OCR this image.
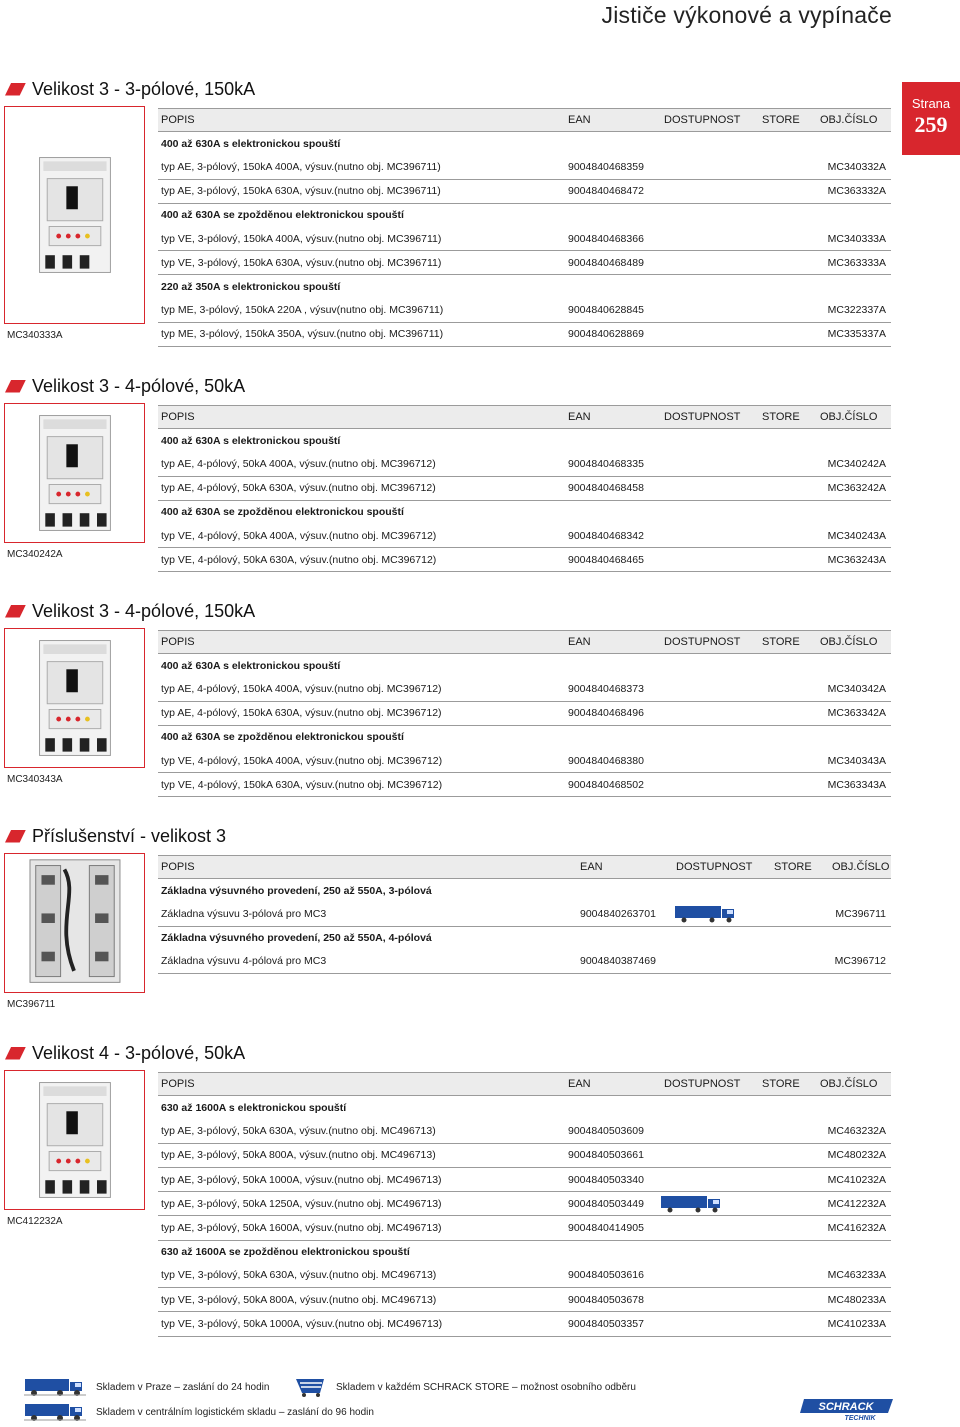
Jističe výkonové a vypínače
Strana
259
Velikost 3 - 3-pólové, 150kA
MC340333A
POPIS	EAN	DOSTUPNOST STORE OBJ.ČÍSLO
400 až 630A s elektronickou spouští
typ AE, 3-pólový, 150kA 400A, výsuv.(nutno obj. MC396711)	9004840468359	MC340332A
typ AE, 3-pólový, 150kA 630A, výsuv.(nutno obj. MC396711)	9004840468472	MC363332A
400 až 630A se zpožděnou elektronickou spouští
typ VE, 3-pólový, 150kA 400A, výsuv.(nutno obj. MC396711)	9004840468366	MC340333A
typ VE, 3-pólový, 150kA 630A, výsuv.(nutno obj. MC396711)	9004840468489	MC363333A
220 až 350A s elektronickou spouští
typ ME, 3-pólový, 150kA 220A , výsuv(nutno obj. MC396711)	9004840628845	MC322337A
typ ME, 3-pólový, 150kA 350A, výsuv.(nutno obj. MC396711)	9004840628869	MC335337A
Velikost 3 - 4-pólové, 50kA
MC340242A
POPIS	EAN	DOSTUPNOST STORE OBJ.ČÍSLO
400 až 630A s elektronickou spouští
typ AE, 4-pólový, 50kA 400A, výsuv.(nutno obj. MC396712)	9004840468335	MC340242A
typ AE, 4-pólový, 50kA 630A, výsuv.(nutno obj. MC396712)	9004840468458	MC363242A
400 až 630A se zpožděnou elektronickou spouští
typ VE, 4-pólový, 50kA 400A, výsuv.(nutno obj. MC396712)	9004840468342	MC340243A
typ VE, 4-pólový, 50kA 630A, výsuv.(nutno obj. MC396712)	9004840468465	MC363243A
Velikost 3 - 4-pólové, 150kA
MC340343A
POPIS	EAN	DOSTUPNOST STORE OBJ.ČÍSLO
400 až 630A s elektronickou spouští
typ AE, 4-pólový, 150kA 400A, výsuv.(nutno obj. MC396712)	9004840468373	MC340342A
typ AE, 4-pólový, 150kA 630A, výsuv.(nutno obj. MC396712)	9004840468496	MC363342A
400 až 630A se zpožděnou elektronickou spouští
typ VE, 4-pólový, 150kA 400A, výsuv.(nutno obj. MC396712)	9004840468380	MC340343A
typ VE, 4-pólový, 150kA 630A, výsuv.(nutno obj. MC396712)	9004840468502	MC363343A
Příslušenství - velikost 3
MC396711
POPIS	EAN	DOSTUPNOST STORE OBJ.ČÍSLO
Základna výsuvného provedení, 250 až 550A, 3-pólová
Základna výsuvu 3-pólová pro MC3	9004840263701	MC396711
Základna výsuvného provedení, 250 až 550A, 4-pólová
Základna výsuvu 4-pólová pro MC3	9004840387469	MC396712
Velikost 4 - 3-pólové, 50kA
MC412232A
POPIS	EAN	DOSTUPNOST STORE OBJ.ČÍSLO
630 až 1600A s elektronickou spouští
typ AE, 3-pólový, 50kA 630A, výsuv.(nutno obj. MC496713)	9004840503609	MC463232A
typ AE, 3-pólový, 50kA 800A, výsuv.(nutno obj. MC496713)	9004840503661	MC480232A
typ AE, 3-pólový, 50kA 1000A, výsuv.(nutno obj. MC496713)	9004840503340	MC410232A
typ AE, 3-pólový, 50kA 1250A, výsuv.(nutno obj. MC496713)	9004840503449	MC412232A
typ AE, 3-pólový, 50kA 1600A, výsuv.(nutno obj. MC496713)	9004840414905	MC416232A
630 až 1600A se zpožděnou elektronickou spouští
typ VE, 3-pólový, 50kA 630A, výsuv.(nutno obj. MC496713)	9004840503616	MC463233A
typ VE, 3-pólový, 50kA 800A, výsuv.(nutno obj. MC496713)	9004840503678	MC480233A
typ VE, 3-pólový, 50kA 1000A, výsuv.(nutno obj. MC496713)	9004840503357	MC410233A
Skladem v Praze – zaslání do 24 hodin	Skladem v každém SCHRACK STORE – možnost osobního odběru
Skladem v centrálním logistickém skladu – zaslání do 96 hodin	SCHRACK
TECHNIK
